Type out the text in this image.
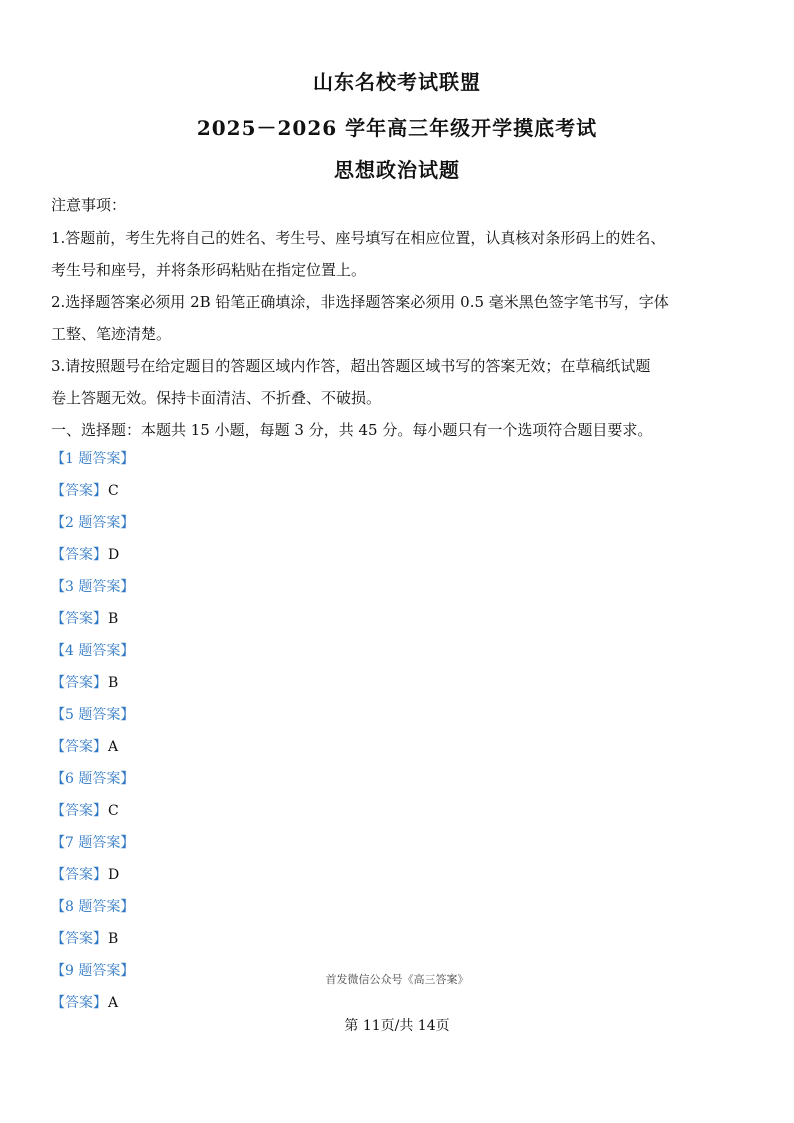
山东名校考试联盟
2025－2026 学年高三年级开学摸底考试
思想政治试题
注意事项：
1.答题前，考生先将自己的姓名、考生号、座号填写在相应位置，认真核对条形码上的姓名、
考生号和座号，并将条形码粘贴在指定位置上。
2.选择题答案必须用 2B 铅笔正确填涂，非选择题答案必须用 0.5 毫米黑色签字笔书写，字体
工整、笔迹清楚。
3.请按照题号在给定题目的答题区域内作答，超出答题区域书写的答案无效；在草稿纸试题
卷上答题无效。保持卡面清洁、不折叠、不破损。
一、选择题：本题共 15 小题，每题 3 分，共 45 分。每小题只有一个选项符合题目要求。
【1 题答案】
【答案】C
【2 题答案】
【答案】D
【3 题答案】
【答案】B
【4 题答案】
【答案】B
【5 题答案】
【答案】A
【6 题答案】
【答案】C
【7 题答案】
【答案】D
【8 题答案】
【答案】B
【9 题答案】
【答案】A
首发微信公众号《高三答案》
第 11页/共 14页
